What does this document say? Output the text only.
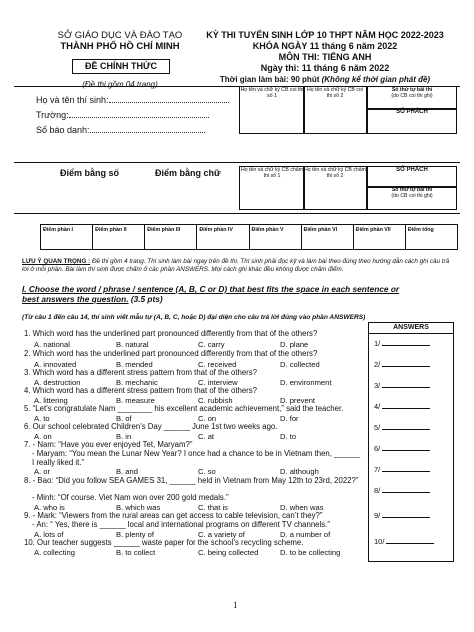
SỞ GIÁO DỤC VÀ ĐÀO TẠO
THÀNH PHỐ HỒ CHÍ MINH
ĐỀ CHÍNH THỨC
(Đề thi gồm 04 trang)
KỲ THI TUYỂN SINH LỚP 10 THPT NĂM HỌC 2022-2023
KHÓA NGÀY 11 tháng 6 năm 2022
MÔN THI: TIẾNG ANH
Ngày thi: 11 tháng 6 năm 2022
Thời gian làm bài: 90 phút (Không kể thời gian phát đề)
Họ và tên thí sinh:
Trường:
Số báo danh:
Họ tên và chữ ký CB coi thi số 1
Họ tên và chữ ký CB coi thi số 2
Số thứ tự bài thi
(do CB coi thi ghi)
SỐ PHÁCH
Điểm bằng số	Điểm bằng chữ	Họ tên và chữ ký CB chấm thi số 1
Họ tên và chữ ký CB chấm thi số 2
SỐ PHÁCH
Số thứ tự bài thi
(do CB coi thi ghi)
Điểm phần I	Điểm phần II	Điểm phần III	Điểm phần IV	Điểm phần V	Điểm phần VI	Điểm phần VII	Điểm tổng
LƯU Ý QUAN TRỌNG : Đề thi gồm 4 trang. Thí sinh làm bài ngay trên đề thi. Thí sinh phải đọc kỹ và làm bài theo đúng theo hướng dẫn cách ghi câu trả lời ở mỗi phần. Bài làm thí sinh được chấm ở các phần ANSWERS. Mọi cách ghi khác đều không được chấm điểm.
I. Choose the word / phrase / sentence (A, B, C or D) that best fits the space in each sentence or best answers the question. (3.5 pts)
(Từ câu 1 đến câu 14, thí sinh viết mẫu tự (A, B, C, hoặc D) đại diện cho câu trả lời đúng vào phần ANSWERS)
1. Which word has the underlined part pronounced differently from that of the others?
A. national	B. natural	C. carry	D. plane
2. Which word has the underlined part pronounced differently from that of the others?
A. innovated	B. mended	C. received	D. collected
3. Which word has a different stress pattern from that of the others?
A. destruction	B. mechanic	C. interview	D. environment
4. Which word has a different stress pattern from that of the others?
A. littering	B. measure	C. rubbish	D. prevent
5. “Let’s congratulate Nam ________ his excellent academic achievement,” said the teacher.
A. to	B. of	C. on	D. for
6. Our school celebrated Children’s Day ______ June 1st two weeks ago.
A. on	B. in	C. at	D. to
7. - Nam: “Have you ever enjoyed Tet, Maryam?”
- Maryam: “You mean the Lunar New Year? I once had a chance to be in Vietnam then, ______ I really liked it.”
A. or	B. and	C. so	D. although
8. - Bao: “Did you follow SEA GAMES 31, ______ held in Vietnam from May 12th to 23rd, 2022?”
- Minh: “Of course. Viet Nam won over 200 gold medals.”
A. who is	B. which was	C. that is	D. when was
9. - Mark: “Viewers from the rural areas can get access to cable television, can’t they?”
- An: “ Yes, there is ______ local and international programs on different TV channels.”
A. lots of	B. plenty of	C. a variety of	D. a number of
10. Our teacher suggests ______ waste paper for the school’s recycling scheme.
A. collecting	B. to collect	C. being collected	D. to be collecting
ANSWERS
1/
2/
3/
4/
5/
6/
7/
8/
9/
10/
1
